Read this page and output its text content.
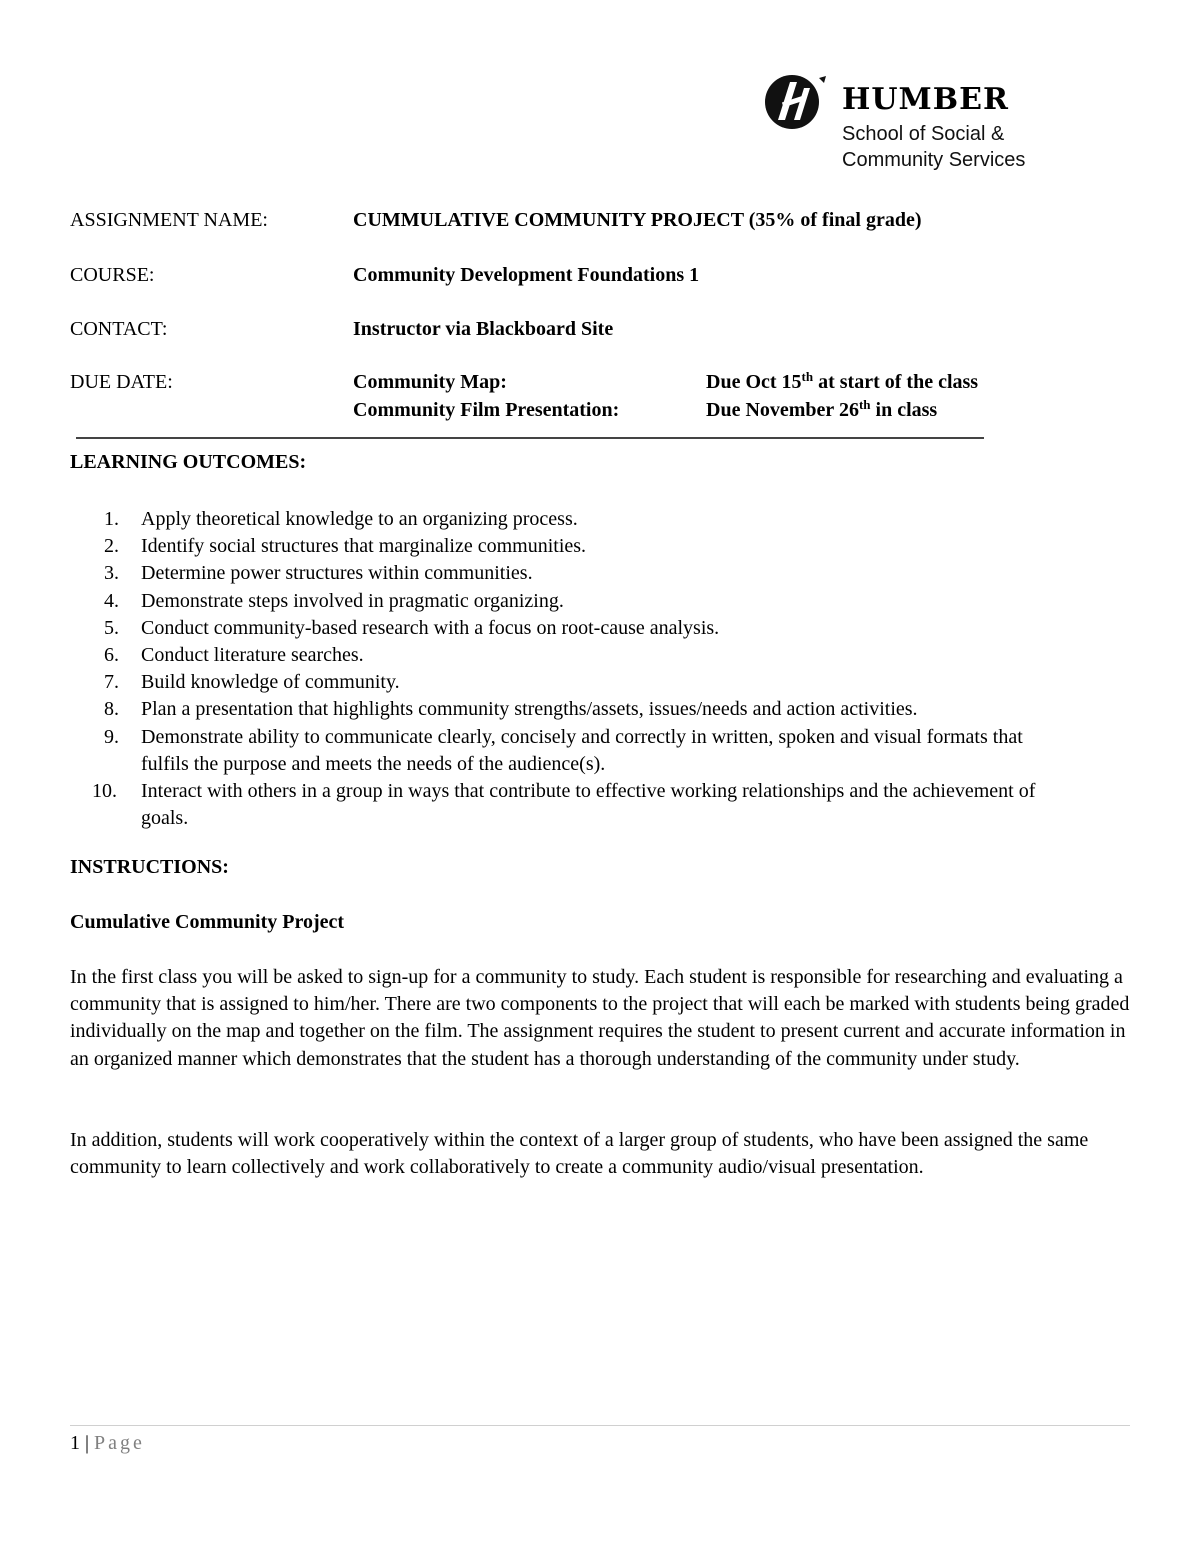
HUMBER
School of Social &
Community Services
ASSIGNMENT NAME:	CUMMULATIVE COMMUNITY PROJECT (35% of final grade)
COURSE:	Community Development Foundations 1
CONTACT:	Instructor via Blackboard Site
DUE DATE:	Community Map:	Due Oct 15th at start of the class
Community Film Presentation:	Due November 26th in class
LEARNING OUTCOMES:
1. Apply theoretical knowledge to an organizing process.
2. Identify social structures that marginalize communities.
3. Determine power structures within communities.
4. Demonstrate steps involved in pragmatic organizing.
5. Conduct community-based research with a focus on root-cause analysis.
6. Conduct literature searches.
7. Build knowledge of community.
8. Plan a presentation that highlights community strengths/assets, issues/needs and action activities.
9. Demonstrate ability to communicate clearly, concisely and correctly in written, spoken and visual formats that fulfils the purpose and meets the needs of the audience(s).
10. Interact with others in a group in ways that contribute to effective working relationships and the achievement of goals.
INSTRUCTIONS:
Cumulative Community Project

In the first class you will be asked to sign-up for a community to study. Each student is responsible for researching and evaluating a community that is assigned to him/her. There are two components to the project that will each be marked with students being graded individually on the map and together on the film. The assignment requires the student to present current and accurate information in an organized manner which demonstrates that the student has a thorough understanding of the community under study.

In addition, students will work cooperatively within the context of a larger group of students, who have been assigned the same community to learn collectively and work collaboratively to create a community audio/visual presentation.

1 | Page
